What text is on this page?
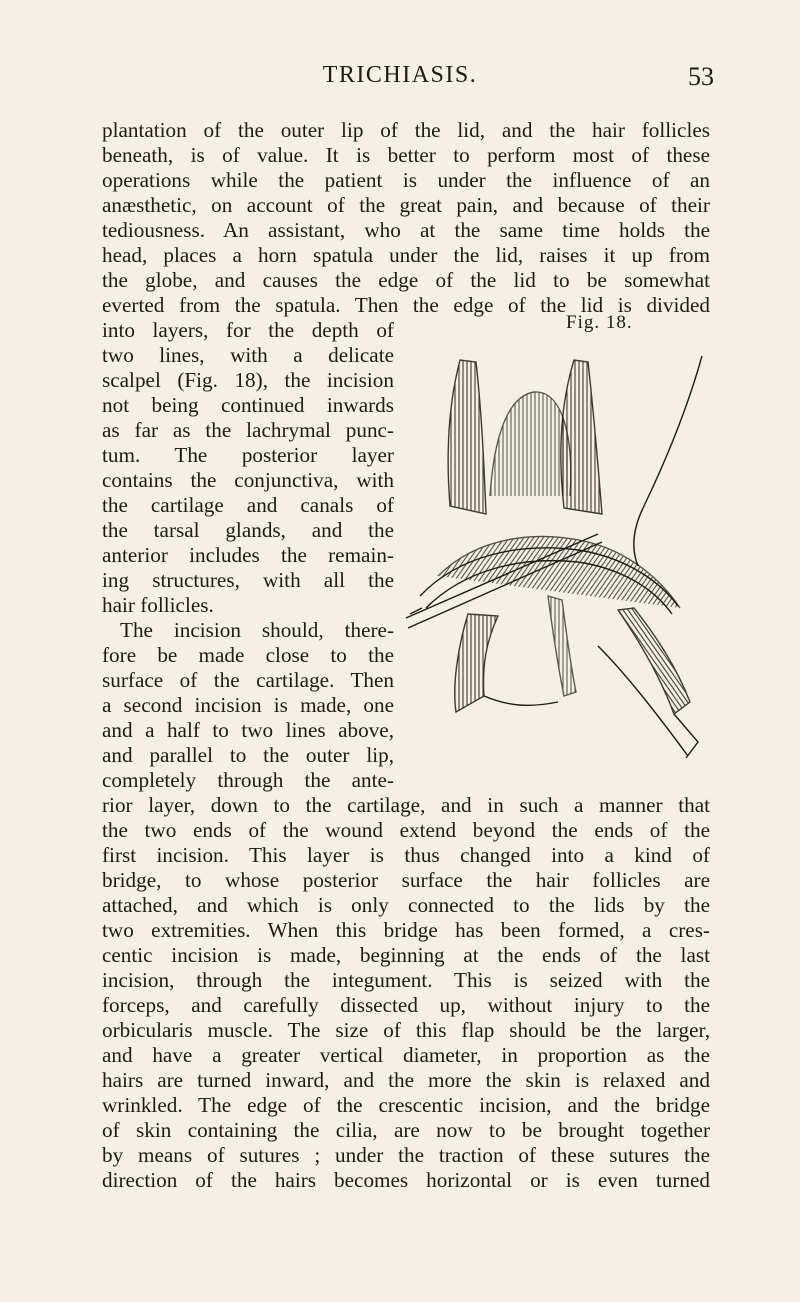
TRICHIASIS.	53
plantation of the outer lip of the lid, and the hair follicles
beneath, is of value. It is better to perform most of these
operations while the patient is under the influence of an
anæsthetic, on account of the great pain, and because of their
tediousness. An assistant, who at the same time holds the
head, places a horn spatula under the lid, raises it up from
the globe, and causes the edge of the lid to be somewhat
everted from the spatula. Then the edge of the lid is divided
into layers, for the depth of
two lines, with a delicate
scalpel (Fig. 18), the incision
not being continued inwards
as far as the lachrymal punc-
tum. The posterior layer
contains the conjunctiva, with
the cartilage and canals of
the tarsal glands, and the
anterior includes the remain-
ing structures, with all the
hair follicles.
The incision should, there-
fore be made close to the
surface of the cartilage. Then
a second incision is made, one
and a half to two lines above,
and parallel to the outer lip,
completely through the ante-
rior layer, down to the cartilage, and in such a manner that
the two ends of the wound extend beyond the ends of the
first incision. This layer is thus changed into a kind of
bridge, to whose posterior surface the hair follicles are
attached, and which is only connected to the lids by the
two extremities. When this bridge has been formed, a cres-
centic incision is made, beginning at the ends of the last
incision, through the integument. This is seized with the
forceps, and carefully dissected up, without injury to the
orbicularis muscle. The size of this flap should be the larger,
and have a greater vertical diameter, in proportion as the
hairs are turned inward, and the more the skin is relaxed and
wrinkled. The edge of the crescentic incision, and the bridge
of skin containing the cilia, are now to be brought together
by means of sutures ; under the traction of these sutures the
direction of the hairs becomes horizontal or is even turned
Fig. 18.
